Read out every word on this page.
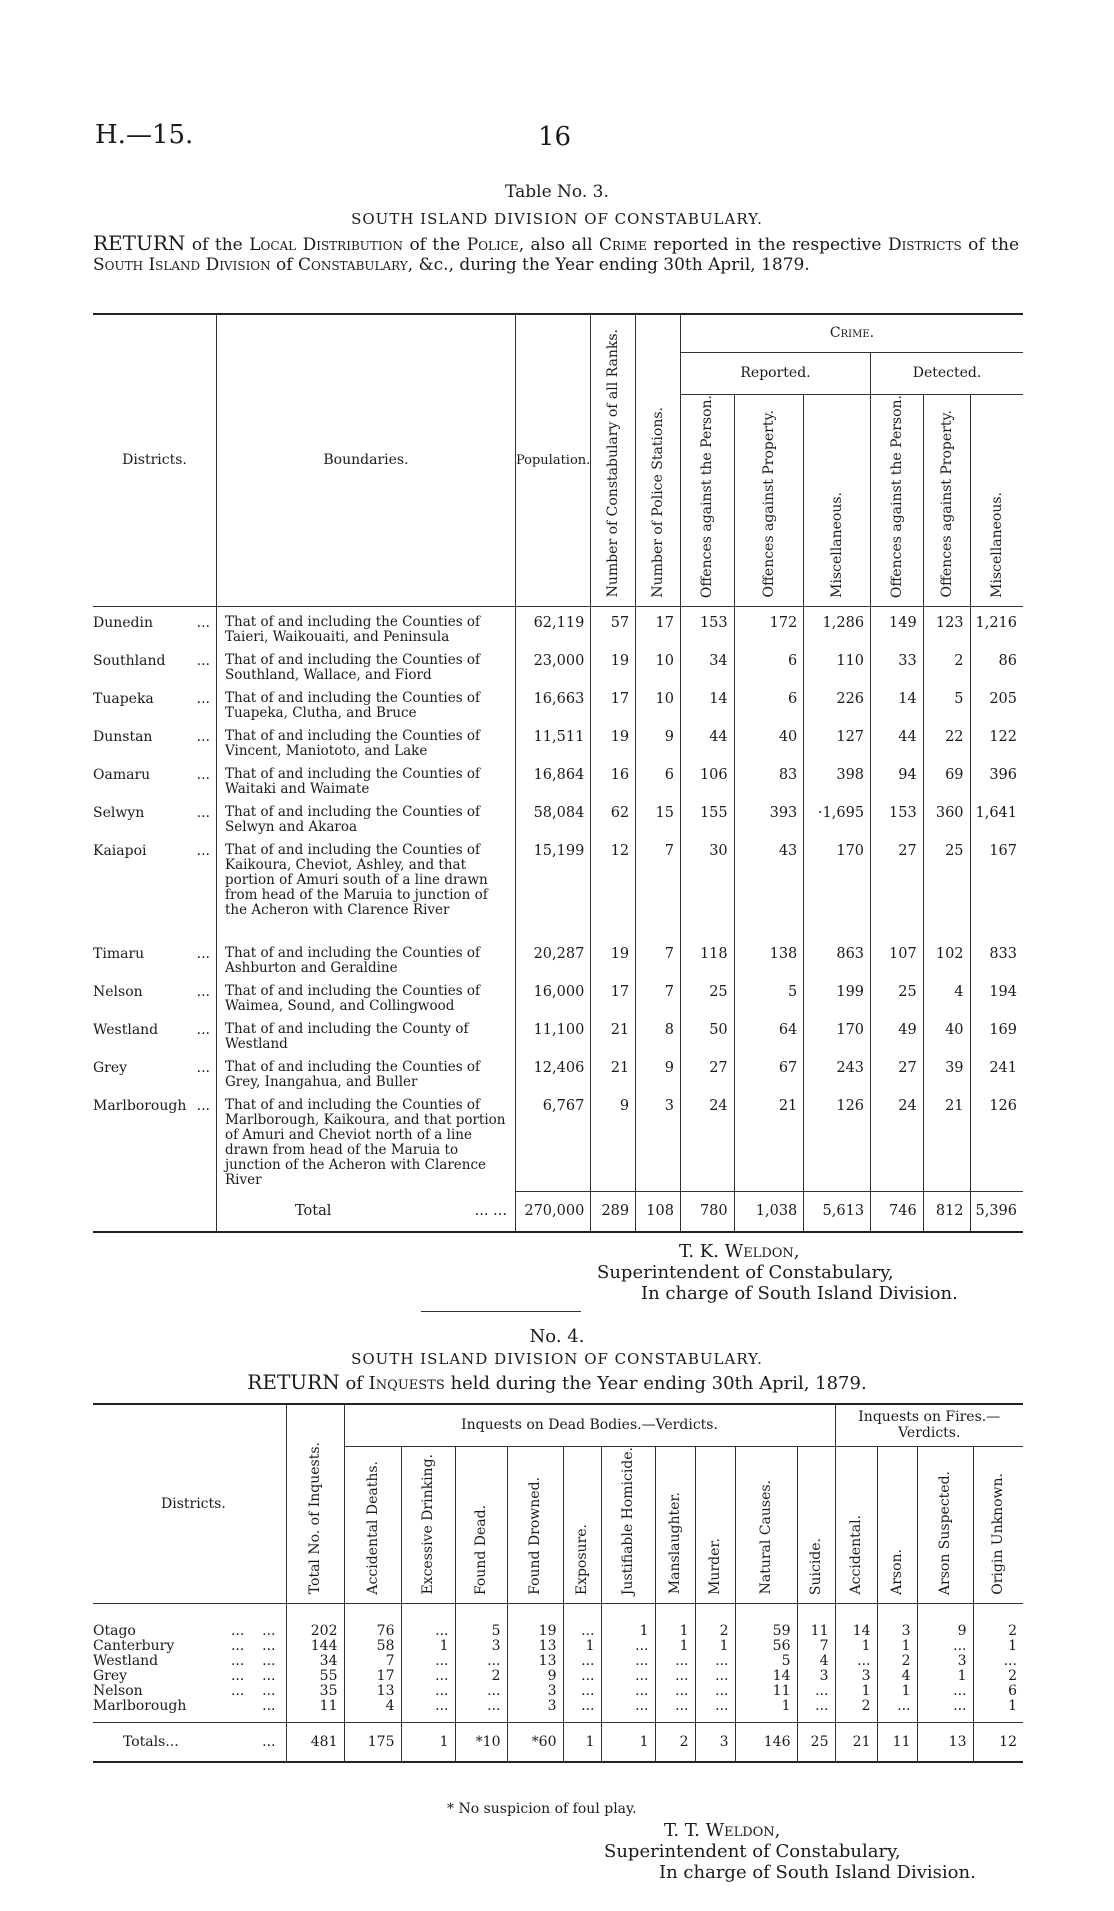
H.—15.	16
Table No. 3.
SOUTH ISLAND DIVISION OF CONSTABULARY.
RETURN of the Local Distribution of the Police, also all Crime reported in the respective Districts of the South Island Division of Constabulary, &c., during the Year ending 30th April, 1879.
Districts.	Boundaries.	Population.	Number of Constabulary of all Ranks.	Number of Police Stations.	Crime.					
					Reported.			Detected.		
					Offences against the Person.	Offences against Property.	Miscellaneous.	Offences against the Person.	Offences against Property.	Miscellaneous.
Dunedin ...	That of and including the Counties of Taieri, Waikouaiti, and Peninsula	62,119	57	17	153	172	1,286	149	123	1,216
Southland ...	That of and including the Counties of Southland, Wallace, and Fiord	23,000	19	10	34	6	110	33	2	86
Tuapeka ...	That of and including the Counties of Tuapeka, Clutha, and Bruce	16,663	17	10	14	6	226	14	5	205
Dunstan ...	That of and including the Counties of Vincent, Maniototo, and Lake	11,511	19	9	44	40	127	44	22	122
Oamaru ...	That of and including the Counties of Waitaki and Waimate	16,864	16	6	106	83	398	94	69	396
Selwyn ...	That of and including the Counties of Selwyn and Akaroa	58,084	62	15	155	393	·1,695	153	360	1,641
Kaiapoi ...	That of and including the Counties of Kaikoura, Cheviot, Ashley, and that portion of Amuri south of a line drawn from head of the Maruia to junction of the Acheron with Clarence River	15,199	12	7	30	43	170	27	25	167
Timaru ...	That of and including the Counties of Ashburton and Geraldine	20,287	19	7	118	138	863	107	102	833
Nelson ...	That of and including the Counties of Waimea, Sound, and Collingwood	16,000	17	7	25	5	199	25	4	194
Westland ...	That of and including the County of Westland	11,100	21	8	50	64	170	49	40	169
Grey ...	That of and including the Counties of Grey, Inangahua, and Buller	12,406	21	9	27	67	243	27	39	241
Marlborough ...	That of and including the Counties of Marlborough, Kaikoura, and that portion of Amuri and Cheviot north of a line drawn from head of the Maruia to junction of the Acheron with Clarence River	6,767	9	3	24	21	126	24	21	126
	Total ... ...	270,000	289	108	780	1,038	5,613	746	812	5,396
T. K. Weldon,
Superintendent of Constabulary,
In charge of South Island Division.
No. 4.
SOUTH ISLAND DIVISION OF CONSTABULARY.
RETURN of Inquests held during the Year ending 30th April, 1879.
Districts.	Total No. of Inquests.	Inquests on Dead Bodies.—Verdicts.										Inquests on Fires.—Verdicts.			
		Accidental Deaths.	Excessive Drinking.	Found Dead.	Found Drowned.	Exposure.	Justifiable Homicide.	Manslaughter.	Murder.	Natural Causes.	Suicide.	Accidental.	Arson.	Arson Suspected.	Origin Unknown.
Otago ...    ...	202	76	...	5	19	...	1	1	2	59	11	14	3	9	2
Canterbury ...    ...	144	58	1	3	13	1	...	1	1	56	7	1	1	...	1
Westland ...    ...	34	7	...	...	13	...	...	...	...	5	4	...	2	3	...
Grey ...    ...	55	17	...	2	9	...	...	...	...	14	3	3	4	1	2
Nelson ...    ...	35	13	...	...	3	...	...	...	...	11	...	1	1	...	6
Marlborough ...	11	4	...	...	3	...	...	...	...	1	...	2	...	...	1

Totals... ...	481	175	1	*10	*60	1	1	2	3	146	25	21	11	13	12
* No suspicion of foul play.
T. T. Weldon,
Superintendent of Constabulary,
In charge of South Island Division.
